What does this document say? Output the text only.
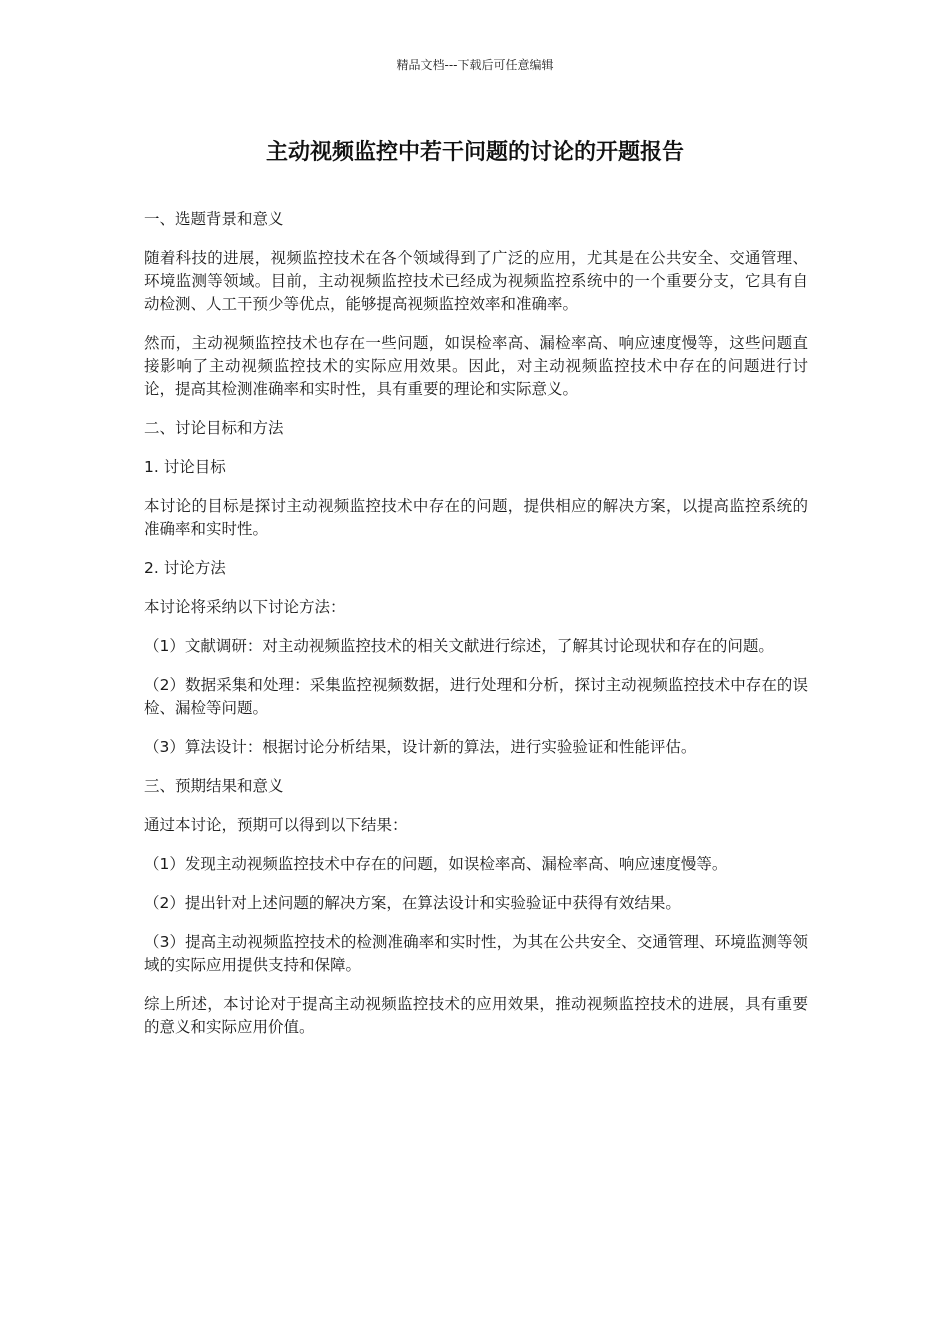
精品文档---下载后可任意编辑
主动视频监控中若干问题的讨论的开题报告

一、选题背景和意义

随着科技的进展，视频监控技术在各个领域得到了广泛的应用，尤其是在公共安全、交通管理、环境监测等领域。目前，主动视频监控技术已经成为视频监控系统中的一个重要分支，它具有自动检测、人工干预少等优点，能够提高视频监控效率和准确率。

然而，主动视频监控技术也存在一些问题，如误检率高、漏检率高、响应速度慢等，这些问题直接影响了主动视频监控技术的实际应用效果。因此，对主动视频监控技术中存在的问题进行讨论，提高其检测准确率和实时性，具有重要的理论和实际意义。

二、讨论目标和方法

1. 讨论目标

本讨论的目标是探讨主动视频监控技术中存在的问题，提供相应的解决方案，以提高监控系统的准确率和实时性。

2. 讨论方法

本讨论将采纳以下讨论方法：

（1）文献调研：对主动视频监控技术的相关文献进行综述，了解其讨论现状和存在的问题。

（2）数据采集和处理：采集监控视频数据，进行处理和分析，探讨主动视频监控技术中存在的误检、漏检等问题。

（3）算法设计：根据讨论分析结果，设计新的算法，进行实验验证和性能评估。

三、预期结果和意义

通过本讨论，预期可以得到以下结果：

（1）发现主动视频监控技术中存在的问题，如误检率高、漏检率高、响应速度慢等。

（2）提出针对上述问题的解决方案，在算法设计和实验验证中获得有效结果。

（3）提高主动视频监控技术的检测准确率和实时性，为其在公共安全、交通管理、环境监测等领域的实际应用提供支持和保障。

综上所述，本讨论对于提高主动视频监控技术的应用效果，推动视频监控技术的进展，具有重要的意义和实际应用价值。
